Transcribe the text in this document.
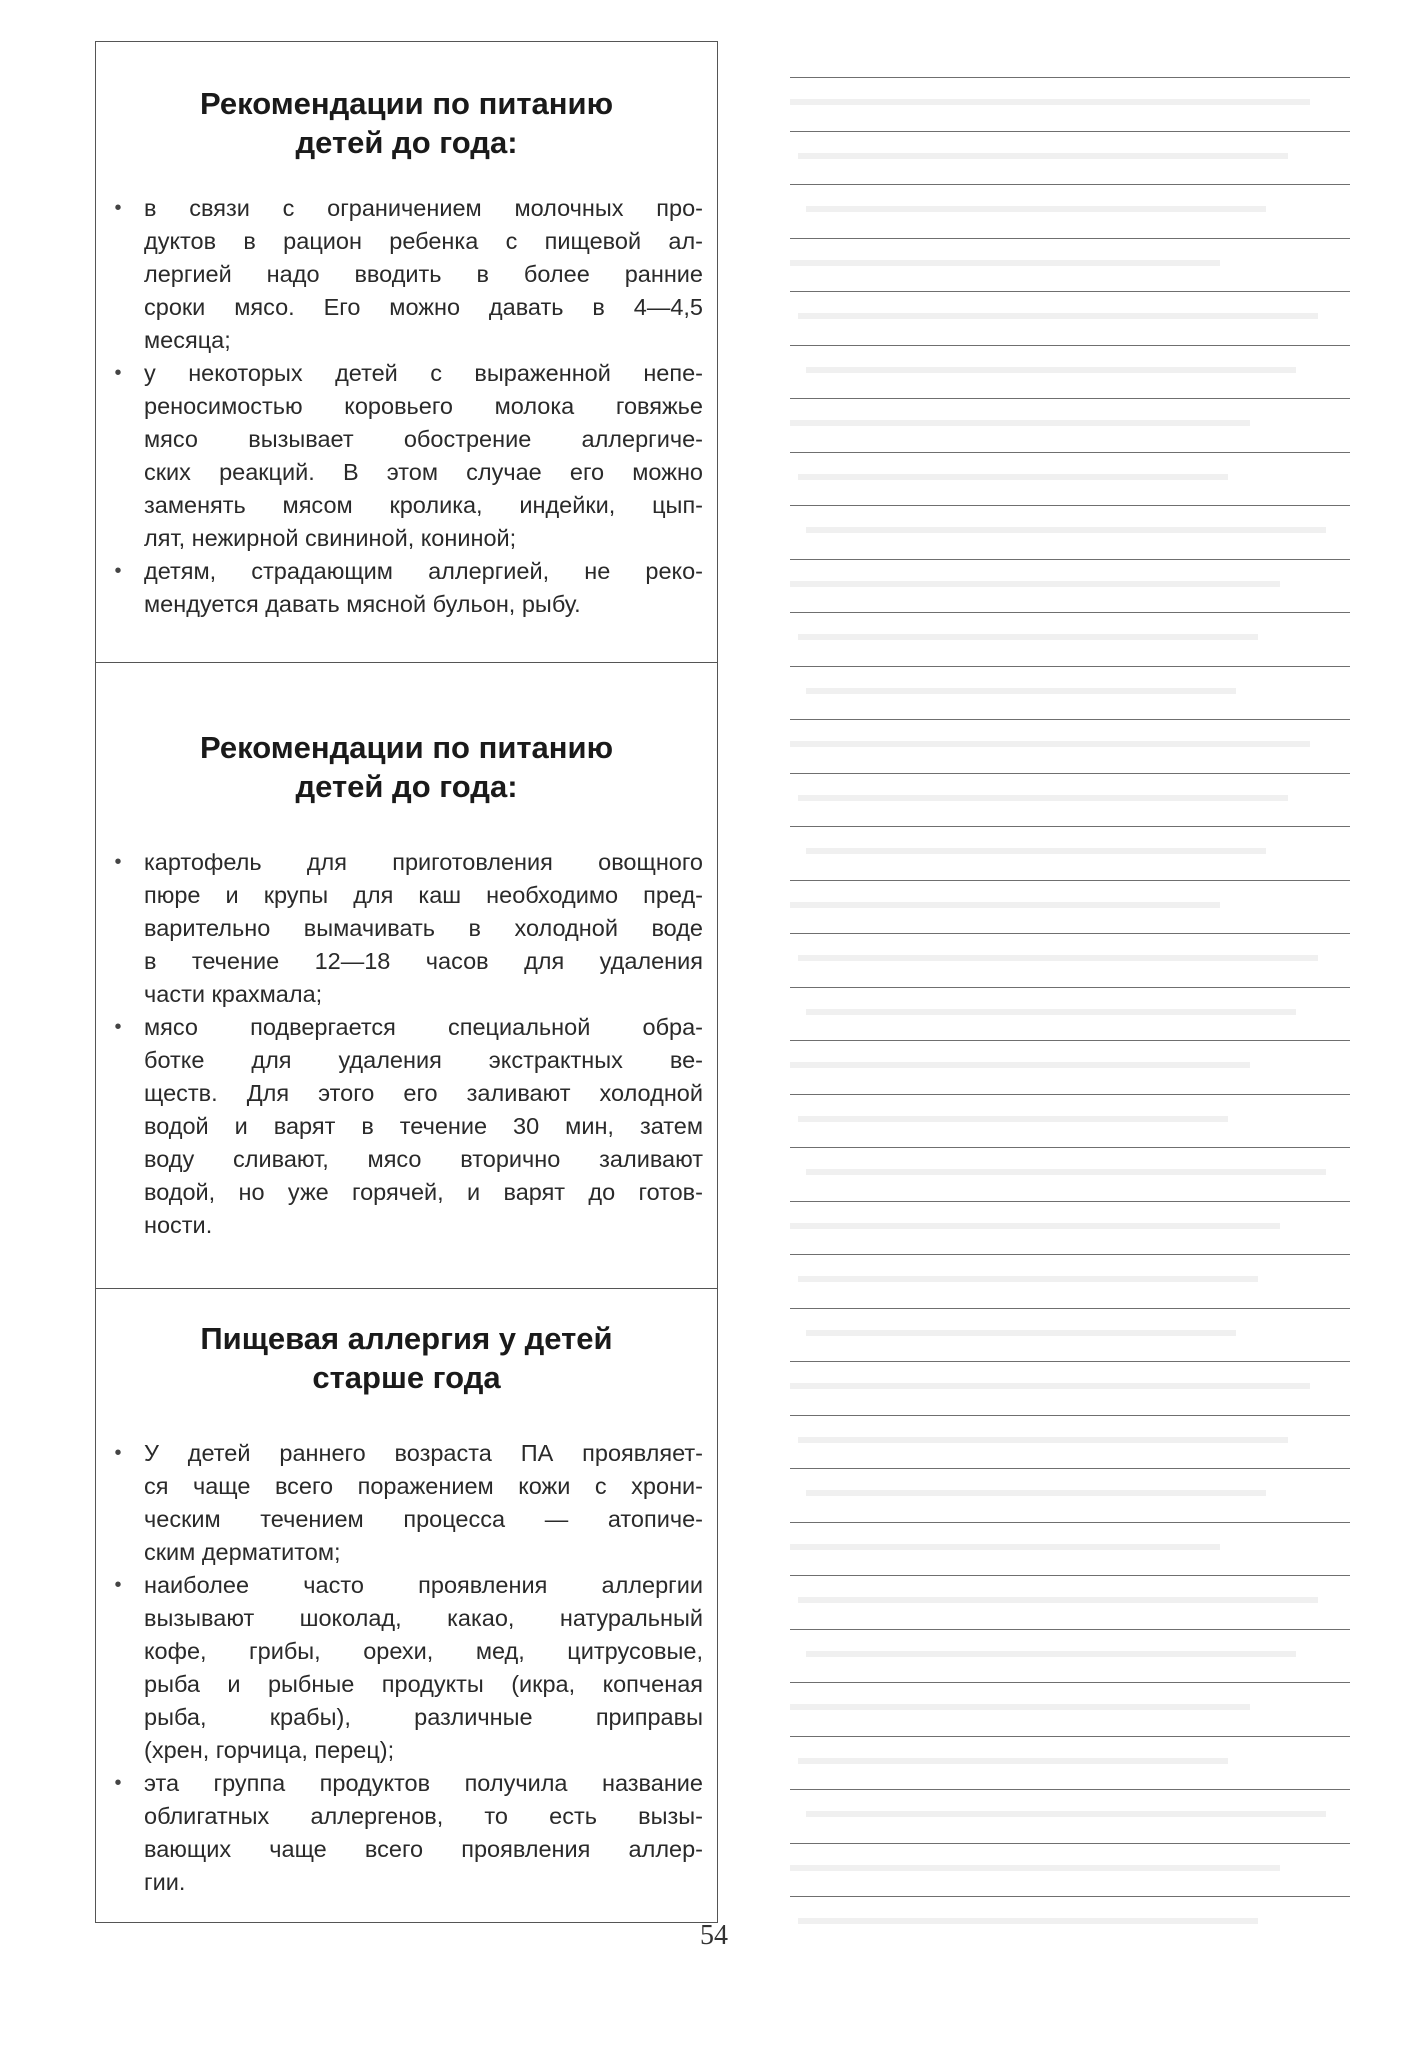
Рекомендации по питанию
детей до года:
• в связи с ограничением молочных про-
дуктов в рацион ребенка с пищевой ал-
лергией надо вводить в более ранние
сроки мясо. Его можно давать в 4—4,5
месяца;
• у некоторых детей с выраженной непе-
реносимостью коровьего молока говяжье
мясо вызывает обострение аллергиче-
ских реакций. В этом случае его можно
заменять мясом кролика, индейки, цып-
лят, нежирной свининой, кониной;
• детям, страдающим аллергией, не реко-
мендуется давать мясной бульон, рыбу.
Рекомендации по питанию
детей до года:
• картофель для приготовления овощного
пюре и крупы для каш необходимо пред-
варительно вымачивать в холодной воде
в течение 12—18 часов для удаления
части крахмала;
• мясо подвергается специальной обра-
ботке для удаления экстрактных ве-
ществ. Для этого его заливают холодной
водой и варят в течение 30 мин, затем
воду сливают, мясо вторично заливают
водой, но уже горячей, и варят до готов-
ности.
Пищевая аллергия у детей
старше года
• У детей раннего возраста ПА проявляет-
ся чаще всего поражением кожи с хрони-
ческим течением процесса — атопиче-
ским дерматитом;
• наиболее часто проявления аллергии
вызывают шоколад, какао, натуральный
кофе, грибы, орехи, мед, цитрусовые,
рыба и рыбные продукты (икра, копченая
рыба, крабы), различные приправы
(хрен, горчица, перец);
• эта группа продуктов получила название
облигатных аллергенов, то есть вызы-
вающих чаще всего проявления аллер-
гии.
54
